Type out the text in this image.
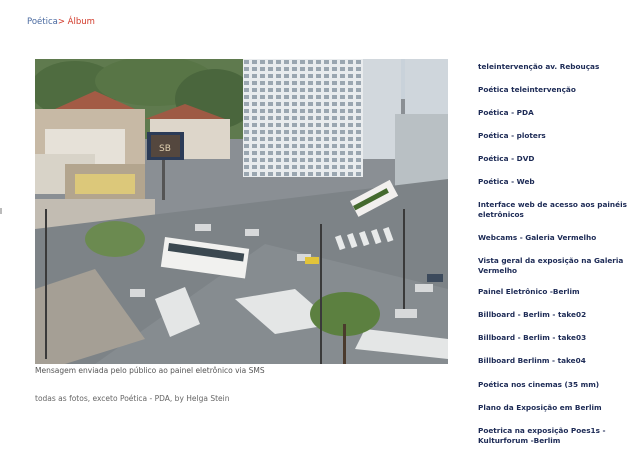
Poética> Álbum
SB
Mensagem enviada pelo público ao painel eletrônico via SMS
todas as fotos, exceto Poética - PDA, by Helga Stein
teleintervenção av. Rebouças
Poética teleintervenção
Poética - PDA
Poética - ploters
Poética - DVD
Poética - Web
Interface web de acesso aos painéis eletrônicos
Webcams - Galeria Vermelho
Vista geral da exposição na Galeria Vermelho
Painel Eletrônico -Berlim
Billboard - Berlim - take02
Billboard - Berlim - take03
Billboard Berlinm - take04
Poética nos cinemas (35 mm)
Plano da Exposição em Berlim
Poetrica na exposição Poes1s - Kulturforum -Berlim
